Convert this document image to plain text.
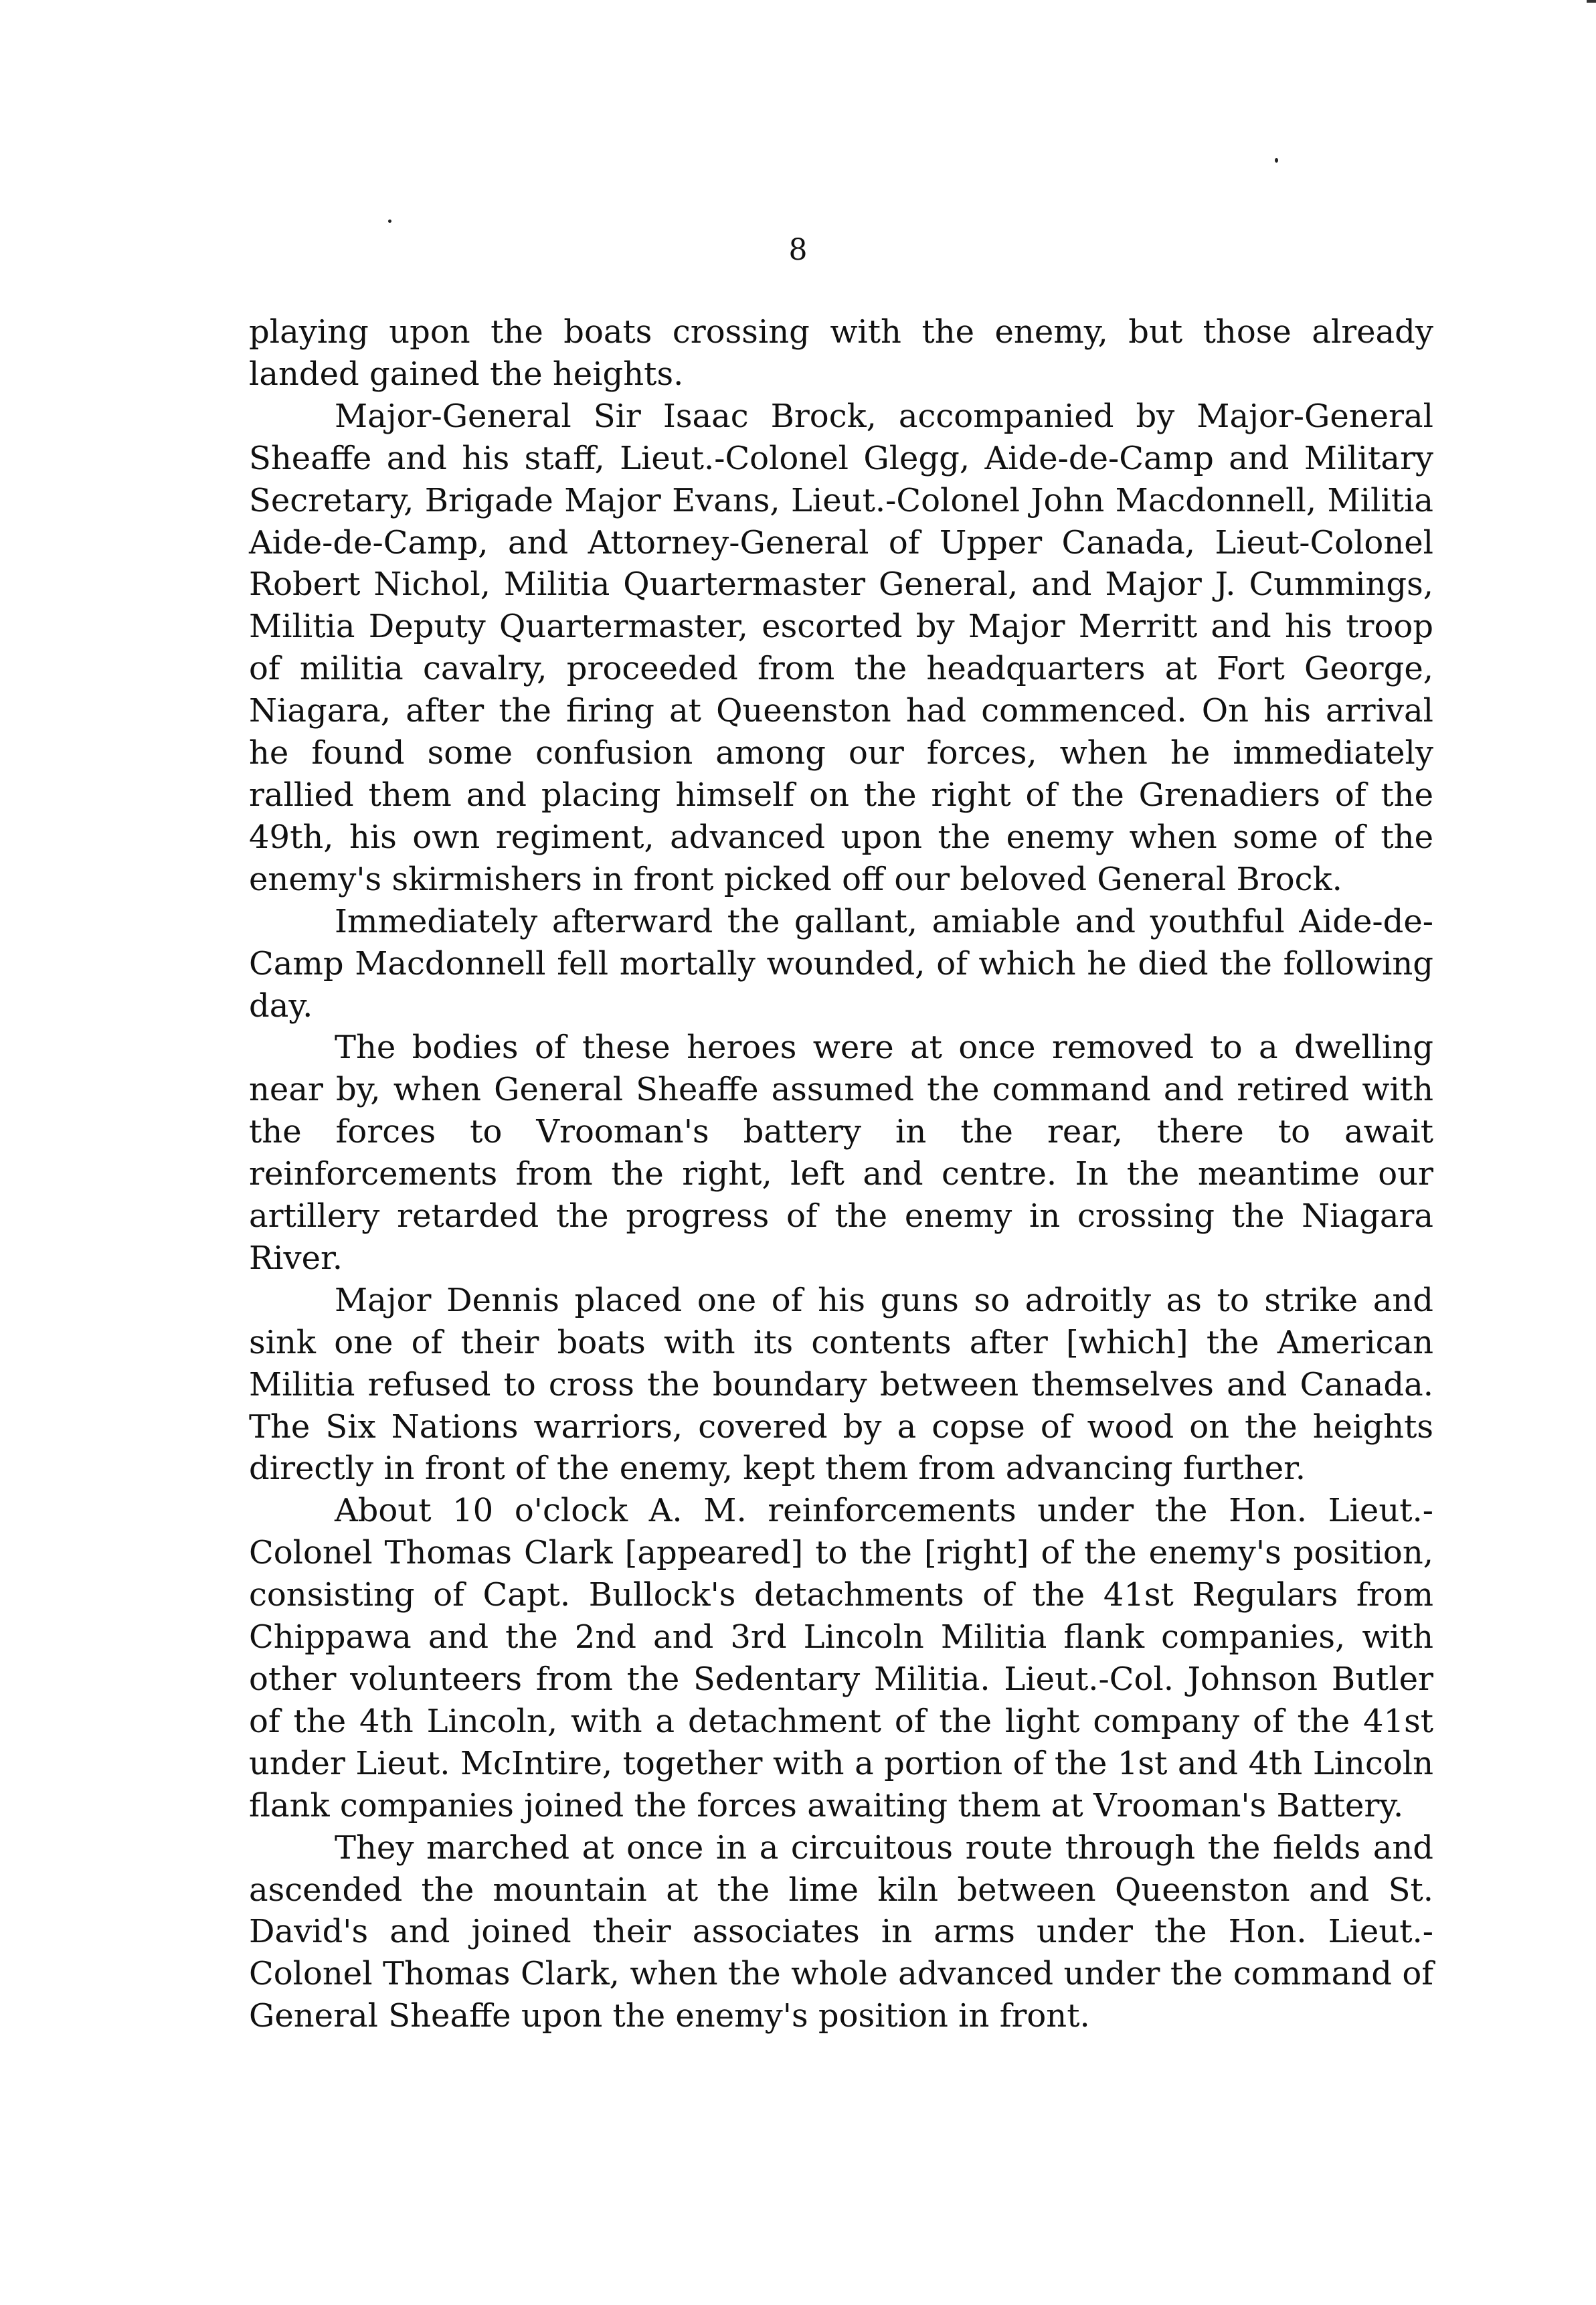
8

playing upon the boats crossing with the enemy, but those already landed gained the heights.

Major-General Sir Isaac Brock, accompanied by Major-General Sheaffe and his staff, Lieut.-Colonel Glegg, Aide-de-Camp and Military Secretary, Brigade Major Evans, Lieut.-Colonel John Macdonnell, Militia Aide-de-Camp, and Attorney-General of Upper Canada, Lieut-Colonel Robert Nichol, Militia Quartermaster General, and Major J. Cummings, Militia Deputy Quartermaster, escorted by Major Merritt and his troop of militia cavalry, proceeded from the headquarters at Fort George, Niagara, after the firing at Queenston had commenced. On his arrival he found some confusion among our forces, when he immediately rallied them and placing himself on the right of the Grenadiers of the 49th, his own regiment, advanced upon the enemy when some of the enemy's skirmishers in front picked off our beloved General Brock.

Immediately afterward the gallant, amiable and youthful Aide-de-Camp Macdonnell fell mortally wounded, of which he died the following day.

The bodies of these heroes were at once removed to a dwelling near by, when General Sheaffe assumed the command and retired with the forces to Vrooman's battery in the rear, there to await reinforcements from the right, left and centre. In the meantime our artillery retarded the progress of the enemy in crossing the Niagara River.

Major Dennis placed one of his guns so adroitly as to strike and sink one of their boats with its contents after [which] the American Militia refused to cross the boundary between themselves and Canada. The Six Nations warriors, covered by a copse of wood on the heights directly in front of the enemy, kept them from advancing further.

About 10 o'clock A. M. reinforcements under the Hon. Lieut.-Colonel Thomas Clark [appeared] to the [right] of the enemy's position, consisting of Capt. Bullock's detachments of the 41st Regulars from Chippawa and the 2nd and 3rd Lincoln Militia flank companies, with other volunteers from the Sedentary Militia. Lieut.-Col. Johnson Butler of the 4th Lincoln, with a detachment of the light company of the 41st under Lieut. McIntire, together with a portion of the 1st and 4th Lincoln flank companies joined the forces awaiting them at Vrooman's Battery.

They marched at once in a circuitous route through the fields and ascended the mountain at the lime kiln between Queenston and St. David's and joined their associates in arms under the Hon. Lieut.-Colonel Thomas Clark, when the whole advanced under the command of General Sheaffe upon the enemy's position in front.
